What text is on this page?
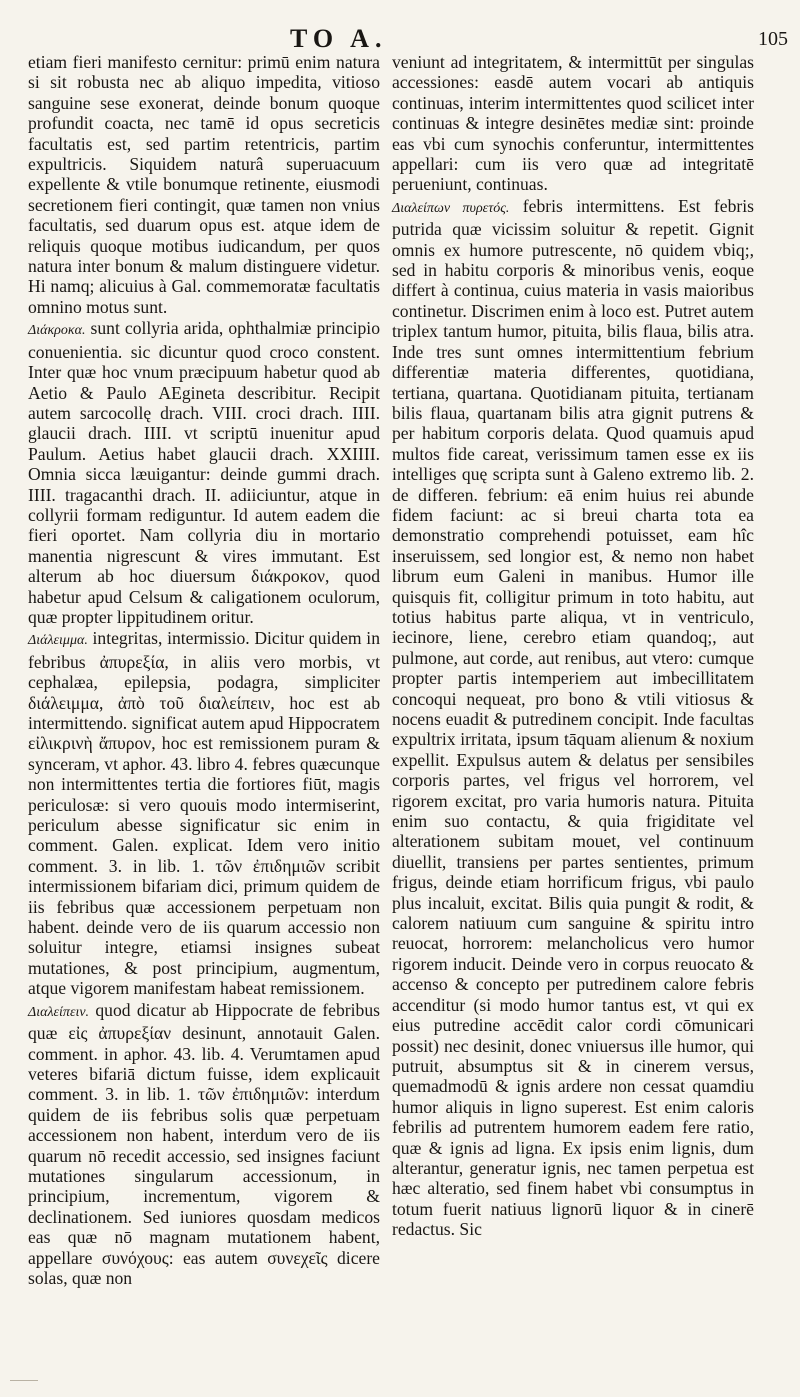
TO A.	105

etiam fieri manifesto cernitur: primū enim natura si sit robusta nec ab aliquo impedita, vitioso sanguine sese exonerat, deinde bonum quoque profundit coacta, nec tamē id opus secreticis facultatis est, sed partim retentricis, partim expultricis. Siquidem naturâ superuacuum expellente & vtile bonumque retinente, eiusmodi secretionem fieri contingit, quæ tamen non vnius facultatis, sed duarum opus est. atque idem de reliquis quoque motibus iudicandum, per quos natura inter bonum & malum distinguere videtur. Hi namq; alicuius à Gal. commemoratæ facultatis omnino motus sunt.

Διάκροκα. sunt collyria arida, ophthalmiæ principio conuenientia. sic dicuntur quod croco constent. Inter quæ hoc vnum præcipuum habetur quod ab Aetio & Paulo AEgineta describitur. Recipit autem sarcocollę drach. VIII. croci drach. IIII. glaucii drach. IIII. vt scriptū inuenitur apud Paulum. Aetius habet glaucii drach. XXIIII. Omnia sicca læuigantur: deinde gummi drach. IIII. tragacanthi drach. II. adiiciuntur, atque in collyrii formam rediguntur. Id autem eadem die fieri oportet. Nam collyria diu in mortario manentia nigrescunt & vires immutant. Est alterum ab hoc diuersum διάκροκον, quod habetur apud Celsum & caligationem oculorum, quæ propter lippitudinem oritur.

Διάλειμμα. integritas, intermissio. Dicitur quidem in febribus ἀπυρεξία, in aliis vero morbis, vt cephalæa, epilepsia, podagra, simpliciter διάλειμμα, ἀπὸ τοῦ διαλείπειν, hoc est ab intermittendo. significat autem apud Hippocratem εἰλικρινὴ ἄπυρον, hoc est remissionem puram & synceram, vt aphor. 43. libro 4. febres quæcunque non intermittentes tertia die fortiores fiūt, magis periculosæ: si vero quouis modo intermiserint, periculum abesse significatur sic enim in comment. Galen. explicat. Idem vero initio comment. 3. in lib. 1. τῶν ἐπιδημιῶν scribit intermissionem bifariam dici, primum quidem de iis febribus quæ accessionem perpetuam non habent. deinde vero de iis quarum accessio non soluitur integre, etiamsi insignes subeat mutationes, & post principium, augmentum, atque vigorem manifestam habeat remissionem.

Διαλείπειν. quod dicatur ab Hippocrate de febribus quæ εἰς ἀπυρεξίαν desinunt, annotauit Galen. comment. in aphor. 43. lib. 4. Verumtamen apud veteres bifariā dictum fuisse, idem explicauit comment. 3. in lib. 1. τῶν ἐπιδημιῶν: interdum quidem de iis febribus solis quæ perpetuam accessionem non habent, interdum vero de iis quarum nō recedit accessio, sed insignes faciunt mutationes singularum accessionum, in principium, incrementum, vigorem & declinationem. Sed iuniores quosdam medicos eas quæ nō magnam mutationem habent, appellare συνόχους: eas autem συνεχεῖς dicere solas, quæ non

veniunt ad integritatem, & intermittūt per singulas accessiones: easdē autem vocari ab antiquis continuas, interim intermittentes quod scilicet inter continuas & integre desinētes mediæ sint: proinde eas vbi cum synochis conferuntur, intermittentes appellari: cum iis vero quæ ad integritatē perueniunt, continuas.

Διαλείπων πυρετός. febris intermittens. Est febris putrida quæ vicissim soluitur & repetit. Gignit omnis ex humore putrescente, nō quidem vbiq;, sed in habitu corporis & minoribus venis, eoque differt à continua, cuius materia in vasis maioribus continetur. Discrimen enim à loco est. Putret autem triplex tantum humor, pituita, bilis flaua, bilis atra. Inde tres sunt omnes intermittentium febrium differentiæ materia differentes, quotidiana, tertiana, quartana. Quotidianam pituita, tertianam bilis flaua, quartanam bilis atra gignit putrens & per habitum corporis delata. Quod quamuis apud multos fide careat, verissimum tamen esse ex iis intelliges quę scripta sunt à Galeno extremo lib. 2. de differen. febrium: eā enim huius rei abunde fidem faciunt: ac si breui charta tota ea demonstratio comprehendi potuisset, eam hîc inseruissem, sed longior est, & nemo non habet librum eum Galeni in manibus. Humor ille quisquis fit, colligitur primum in toto habitu, aut totius habitus parte aliqua, vt in ventriculo, iecinore, liene, cerebro etiam quandoq;, aut pulmone, aut corde, aut renibus, aut vtero: cumque propter partis intemperiem aut imbecillitatem concoqui nequeat, pro bono & vtili vitiosus & nocens euadit & putredinem concipit. Inde facultas expultrix irritata, ipsum tāquam alienum & noxium expellit. Expulsus autem & delatus per sensibiles corporis partes, vel frigus vel horrorem, vel rigorem excitat, pro varia humoris natura. Pituita enim suo contactu, & quia frigiditate vel alterationem subitam mouet, vel continuum diuellit, transiens per partes sentientes, primum frigus, deinde etiam horrificum frigus, vbi paulo plus incaluit, excitat. Bilis quia pungit & rodit, & calorem natiuum cum sanguine & spiritu intro reuocat, horrorem: melancholicus vero humor rigorem inducit. Deinde vero in corpus reuocato & accenso & concepto per putredinem calore febris accenditur (si modo humor tantus est, vt qui ex eius putredine accēdit calor cordi cōmunicari possit) nec desinit, donec vniuersus ille humor, qui putruit, absumptus sit & in cinerem versus, quemadmodū & ignis ardere non cessat quamdiu humor aliquis in ligno superest. Est enim caloris febrilis ad putrentem humorem eadem fere ratio, quæ & ignis ad ligna. Ex ipsis enim lignis, dum alterantur, generatur ignis, nec tamen perpetua est hæc alteratio, sed finem habet vbi consumptus in totum fuerit natiuus lignorū liquor & in cinerē redactus. Sic
